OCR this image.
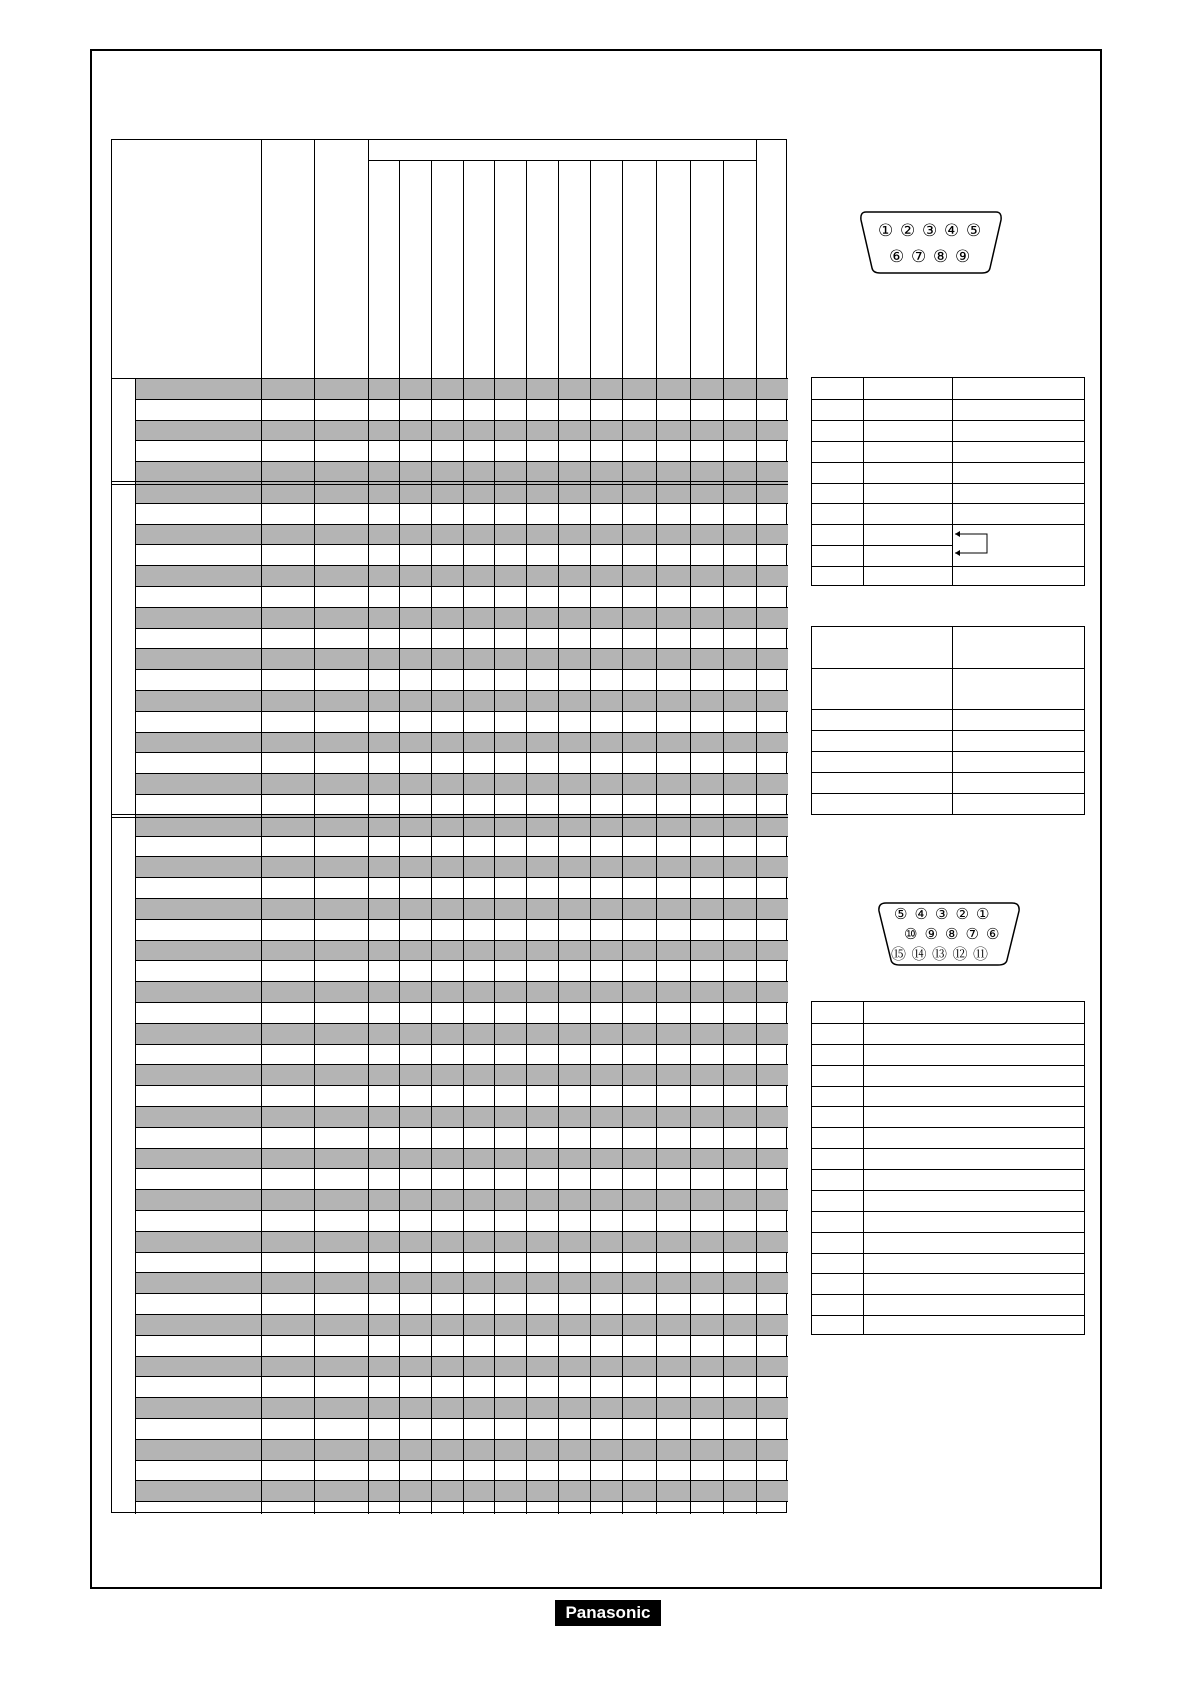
① ② ③ ④ ⑤
⑥ ⑦ ⑧ ⑨
⑤ ④ ③ ② ①
⑩ ⑨ ⑧ ⑦ ⑥
⑮ ⑭ ⑬ ⑫ ⑪
Panasonic
